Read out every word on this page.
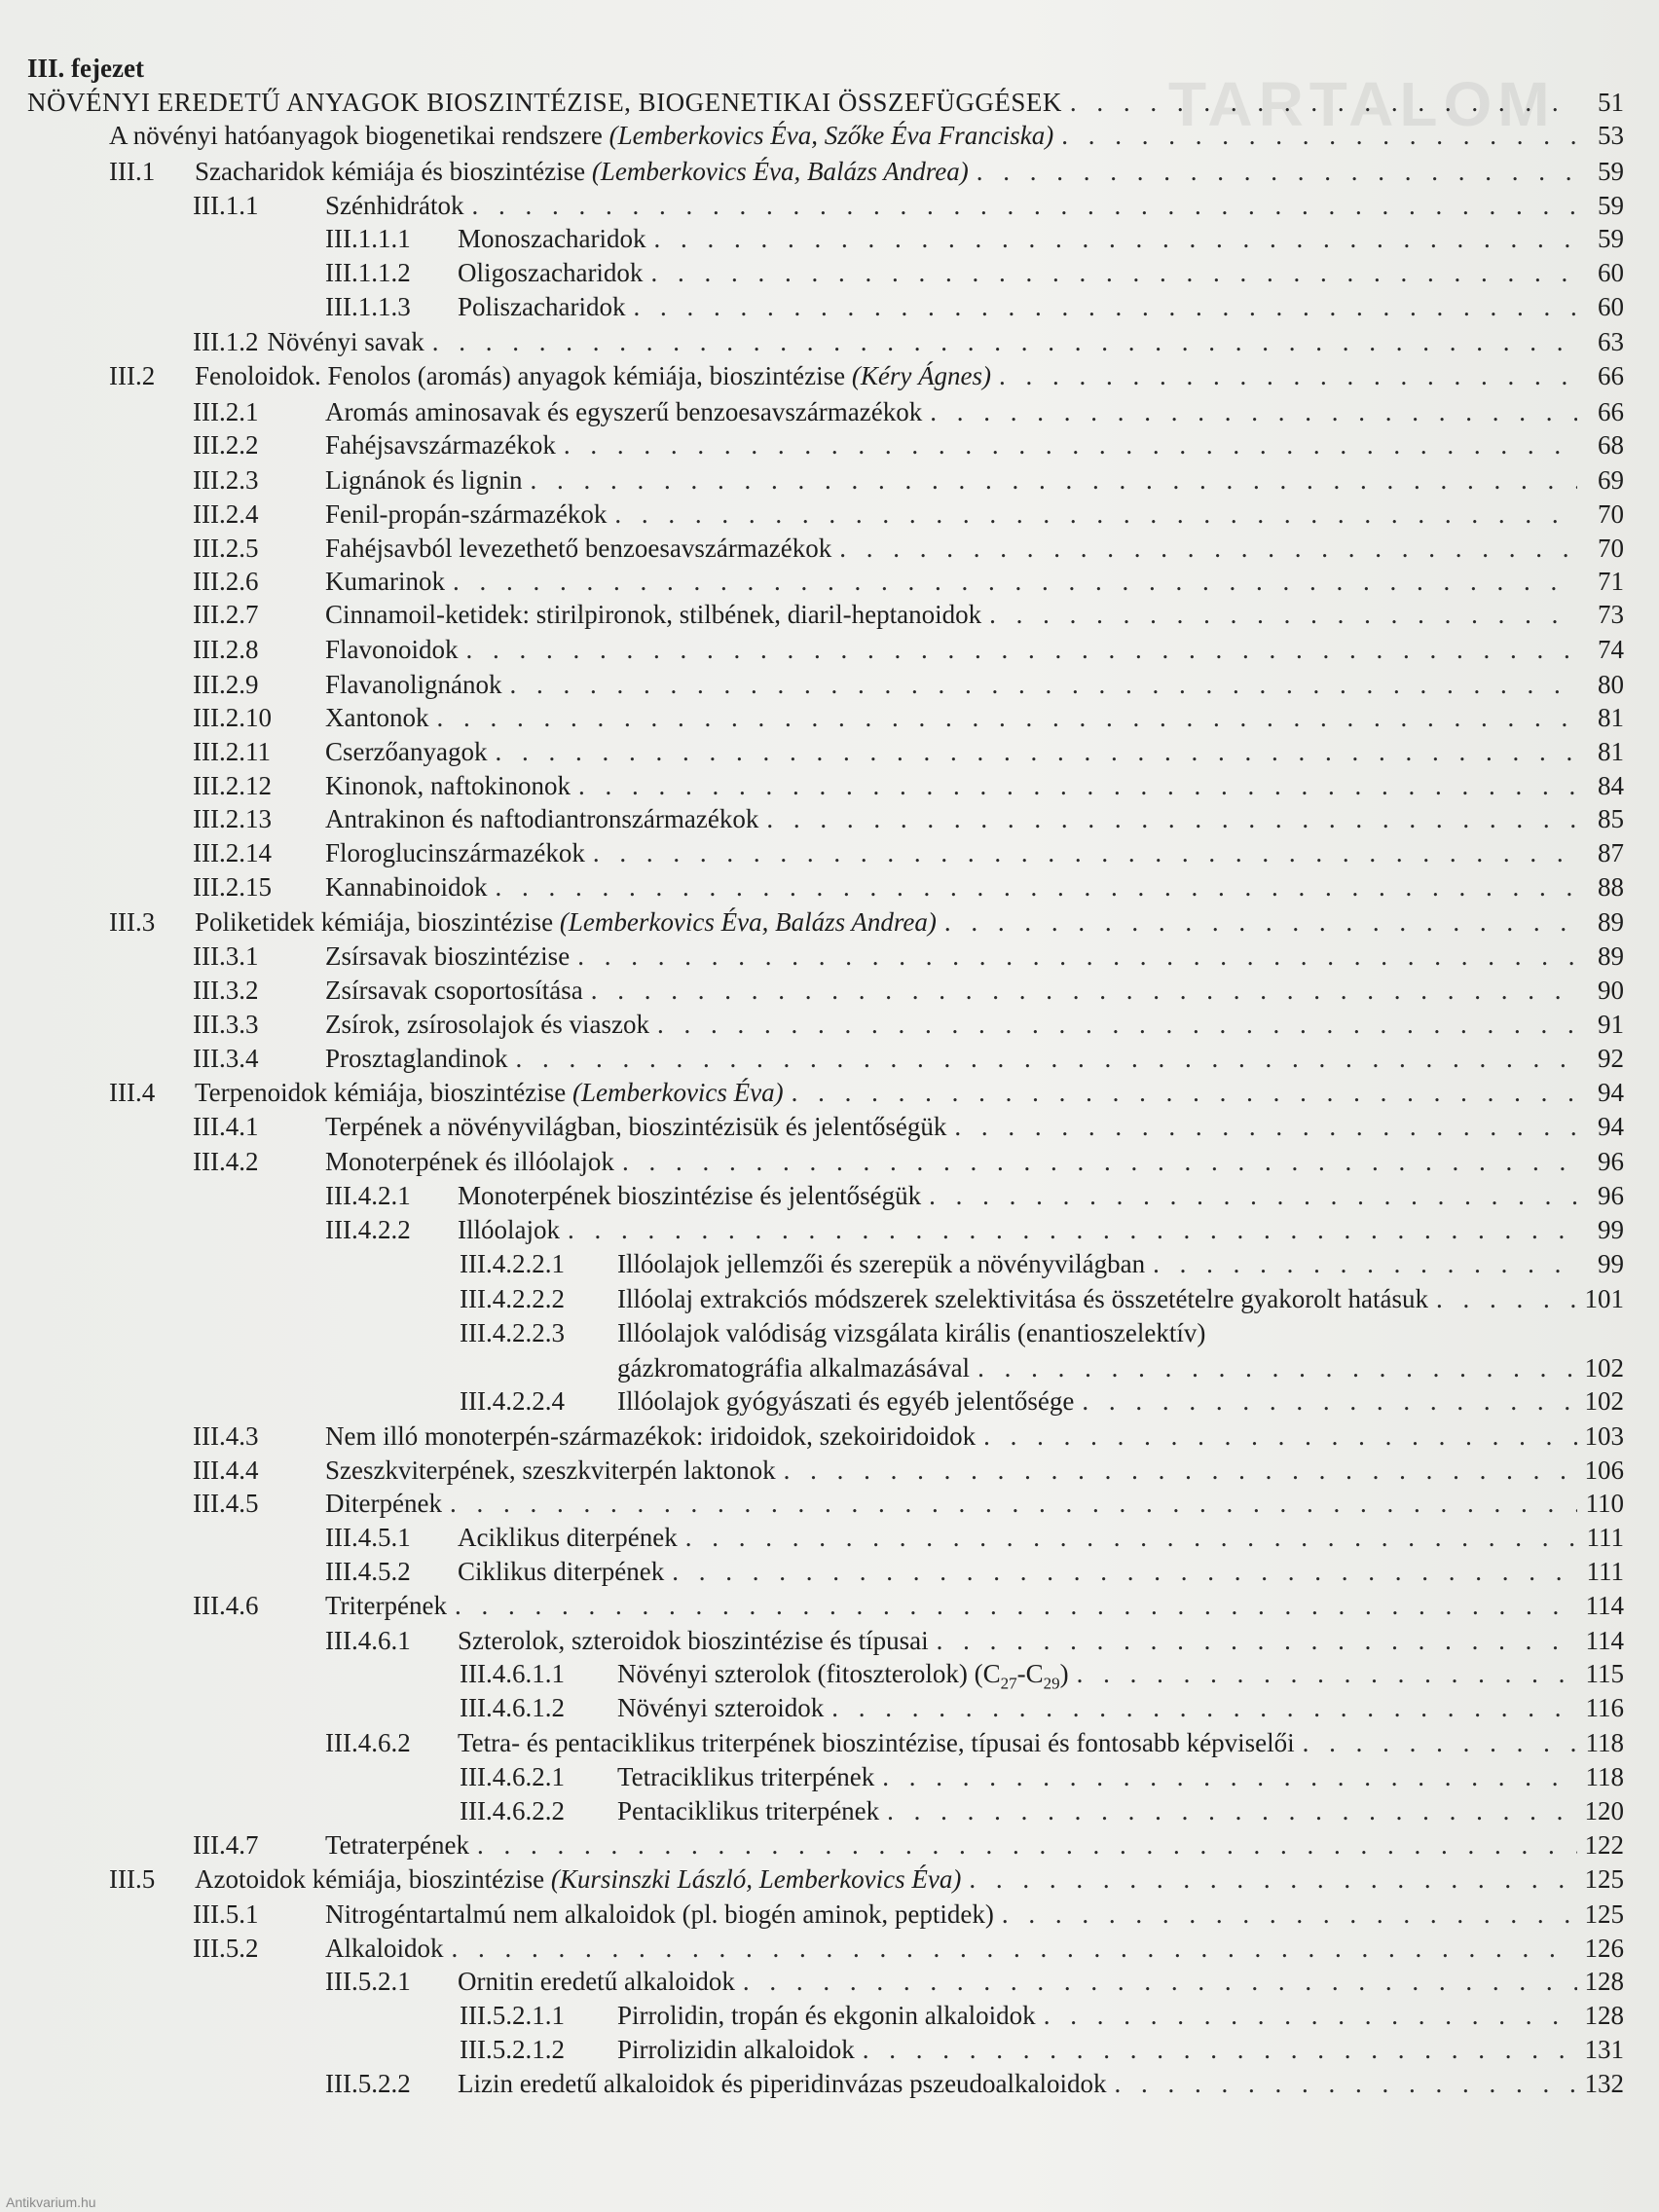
TARTALOM
III. fejezet
NÖVÉNYI EREDETŰ ANYAGOK BIOSZINTÉZISE, BIOGENETIKAI ÖSSZEFÜGGÉSEK . . .	51
A növényi hatóanyagok biogenetikai rendszere (Lemberkovics Éva, Szőke Éva Franciska) . . .	53
III.1	Szacharidok kémiája és bioszintézise (Lemberkovics Éva, Balázs Andrea) . . .	59
III.1.1	Szénhidrátok . . .	59
III.1.1.1	Monoszacharidok . . .	59
III.1.1.2	Oligoszacharidok . . .	60
III.1.1.3	Poliszacharidok . . .	60
III.1.2 Növényi savak . . .	63
III.2	Fenoloidok. Fenolos (aromás) anyagok kémiája, bioszintézise (Kéry Ágnes) . . .	66
III.2.1	Aromás aminosavak és egyszerű benzoesavszármazékok . . .	66
III.2.2	Fahéjsavszármazékok . . .	68
III.2.3	Lignánok és lignin . . .	69
III.2.4	Fenil-propán-származékok . . .	70
III.2.5	Fahéjsavból levezethető benzoesavszármazékok . . .	70
III.2.6	Kumarinok . . .	71
III.2.7	Cinnamoil-ketidek: stirilpironok, stilbének, diaril-heptanoidok . . .	73
III.2.8	Flavonoidok . . .	74
III.2.9	Flavanolignánok . . .	80
III.2.10	Xantonok . . .	81
III.2.11	Cserzőanyagok . . .	81
III.2.12	Kinonok, naftokinonok . . .	84
III.2.13	Antrakinon és naftodiantronszármazékok . . .	85
III.2.14	Floroglucinszármazékok . . .	87
III.2.15	Kannabinoidok . . .	88
III.3	Poliketidek kémiája, bioszintézise (Lemberkovics Éva, Balázs Andrea) . . .	89
III.3.1	Zsírsavak bioszintézise . . .	89
III.3.2	Zsírsavak csoportosítása . . .	90
III.3.3	Zsírok, zsírosolajok és viaszok . . .	91
III.3.4	Prosztaglandinok . . .	92
III.4	Terpenoidok kémiája, bioszintézise (Lemberkovics Éva) . . .	94
III.4.1	Terpének a növényvilágban, bioszintézisük és jelentőségük . . .	94
III.4.2	Monoterpének és illóolajok . . .	96
III.4.2.1	Monoterpének bioszintézise és jelentőségük . . .	96
III.4.2.2	Illóolajok . . .	99
III.4.2.2.1	Illóolajok jellemzői és szerepük a növényvilágban . . .	99
III.4.2.2.2	Illóolaj extrakciós módszerek szelektivitása és összetételre gyakorolt hatásuk . . .	101
III.4.2.2.3	Illóolajok valódiság vizsgálata királis (enantioszelektív)
gázkromatográfia alkalmazásával . . .	102
III.4.2.2.4	Illóolajok gyógyászati és egyéb jelentősége . . .	102
III.4.3	Nem illó monoterpén-származékok: iridoidok, szekoiridoidok . . .	103
III.4.4	Szeszkviterpének, szeszkviterpén laktonok . . .	106
III.4.5	Diterpének . . .	110
III.4.5.1	Aciklikus diterpének . . .	111
III.4.5.2	Ciklikus diterpének . . .	111
III.4.6	Triterpének . . .	114
III.4.6.1	Szterolok, szteroidok bioszintézise és típusai . . .	114
III.4.6.1.1	Növényi szterolok (fitoszterolok) $(C_{27}-C_{29})$ . . .	115
III.4.6.1.2	Növényi szteroidok . . .	116
III.4.6.2	Tetra- és pentaciklikus triterpének bioszintézise, típusai és fontosabb képviselői . . .	118
III.4.6.2.1	Tetraciklikus triterpének . . .	118
III.4.6.2.2	Pentaciklikus triterpének . . .	120
III.4.7	Tetraterpének . . .	122
III.5	Azotoidok kémiája, bioszintézise (Kursinszki László, Lemberkovics Éva) . . .	125
III.5.1	Nitrogéntartalmú nem alkaloidok (pl. biogén aminok, peptidek) . . .	125
III.5.2	Alkaloidok . . .	126
III.5.2.1	Ornitin eredetű alkaloidok . . .	128
III.5.2.1.1	Pirrolidin, tropán és ekgonin alkaloidok . . .	128
III.5.2.1.2	Pirrolizidin alkaloidok . . .	131
III.5.2.2	Lizin eredetű alkaloidok és piperidinvázas pszeudoalkaloidok . . .	132
Antikvarium.hu
